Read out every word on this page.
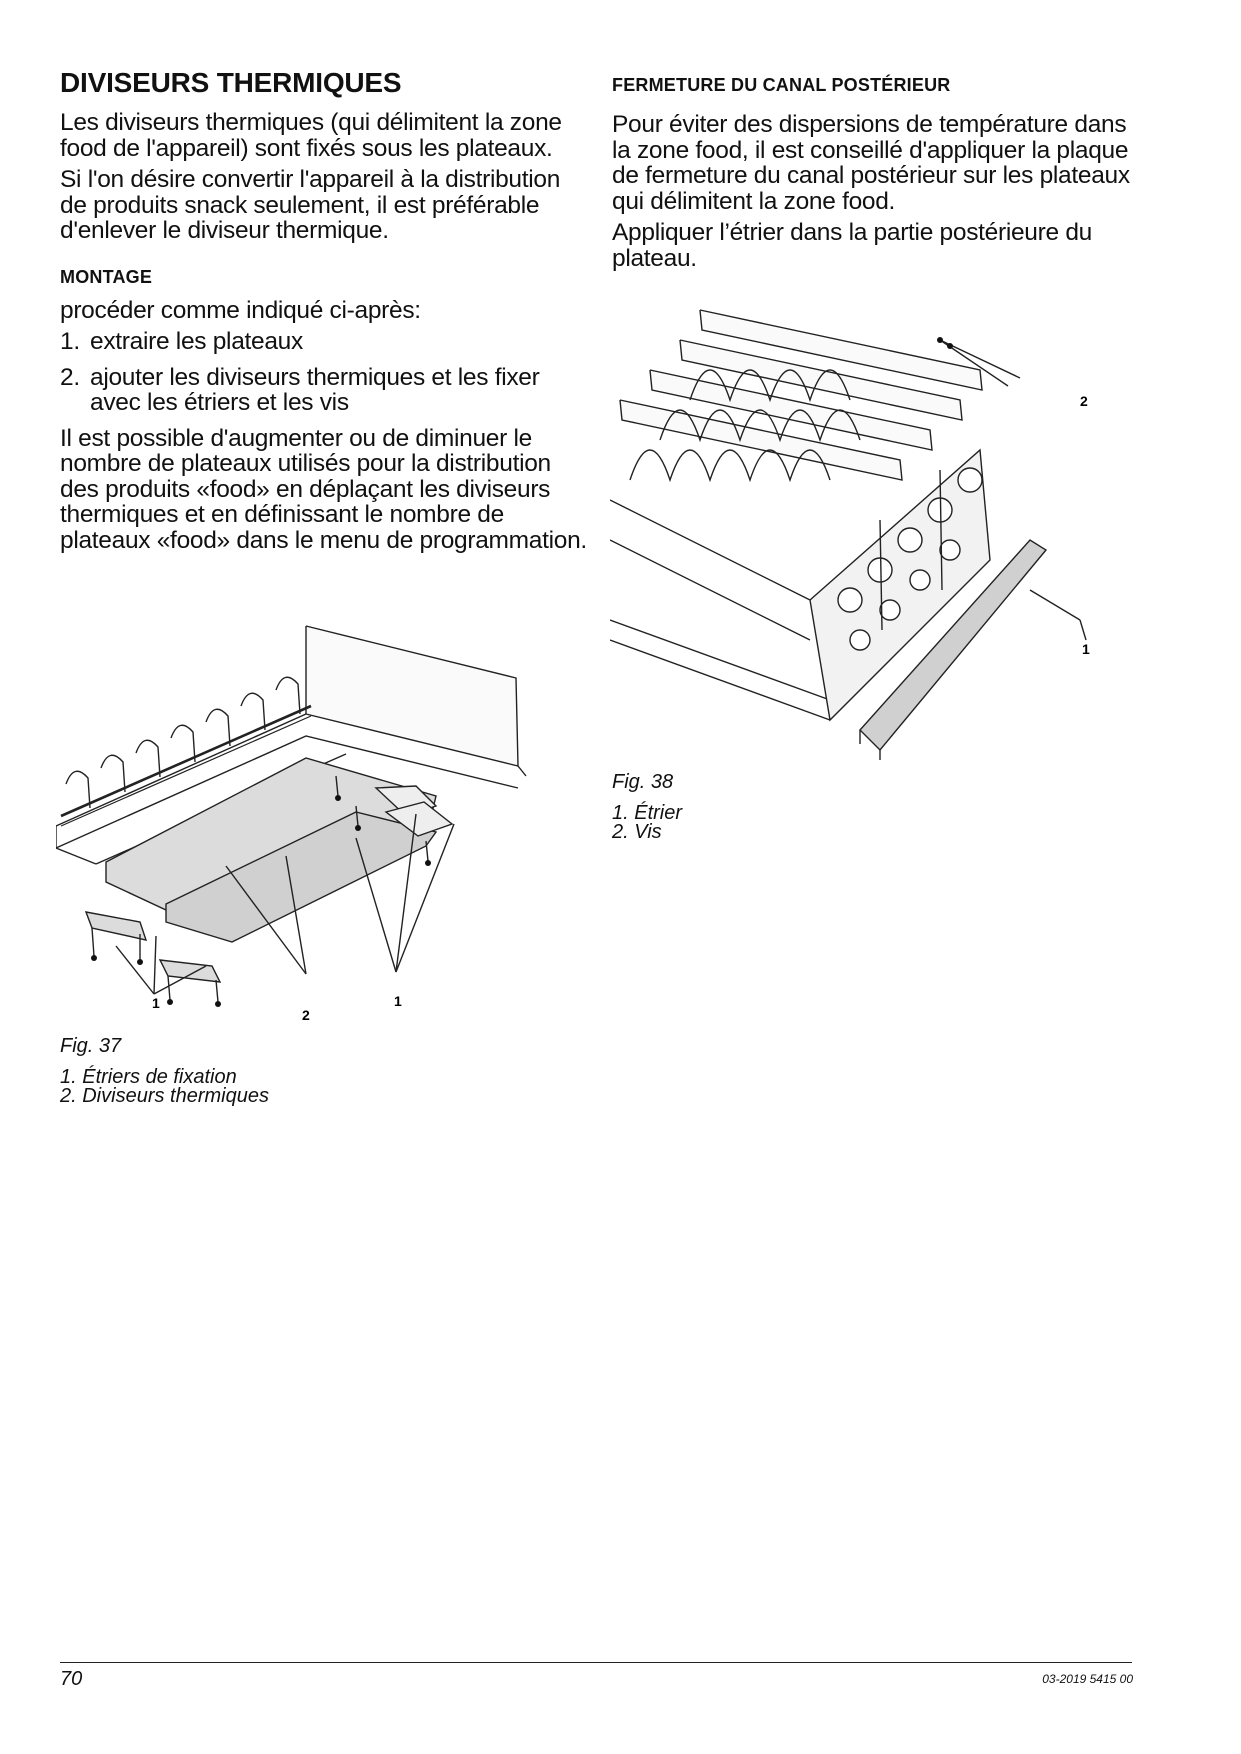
DIVISEURS THERMIQUES

Les diviseurs thermiques (qui délimitent la zone food de l'appareil) sont fixés sous les plateaux.

Si l'on désire convertir l'appareil à la distribution de produits snack seulement, il est préférable d'enlever le diviseur thermique.

MONTAGE

procéder comme indiqué ci-après:

1. extraire les plateaux
2. ajouter les diviseurs thermiques et les fixer avec les étriers et les vis

Il est possible d'augmenter ou de diminuer le nombre de plateaux utilisés pour la distribution des produits «food» en déplaçant les diviseurs thermiques et en définissant le nombre de plateaux «food» dans le menu de programmation.

1
2
1
Fig. 37
1. Étriers de fixation
2. Diviseurs thermiques
FERMETURE DU CANAL POSTÉRIEUR

Pour éviter des dispersions de température dans la zone food, il est conseillé d'appliquer la plaque de fermeture du canal postérieur sur les plateaux qui délimitent la zone food.

Appliquer l’étrier dans la partie postérieure du plateau.

2
1
Fig. 38
1. Étrier
2. Vis
70	03-2019 5415 00
